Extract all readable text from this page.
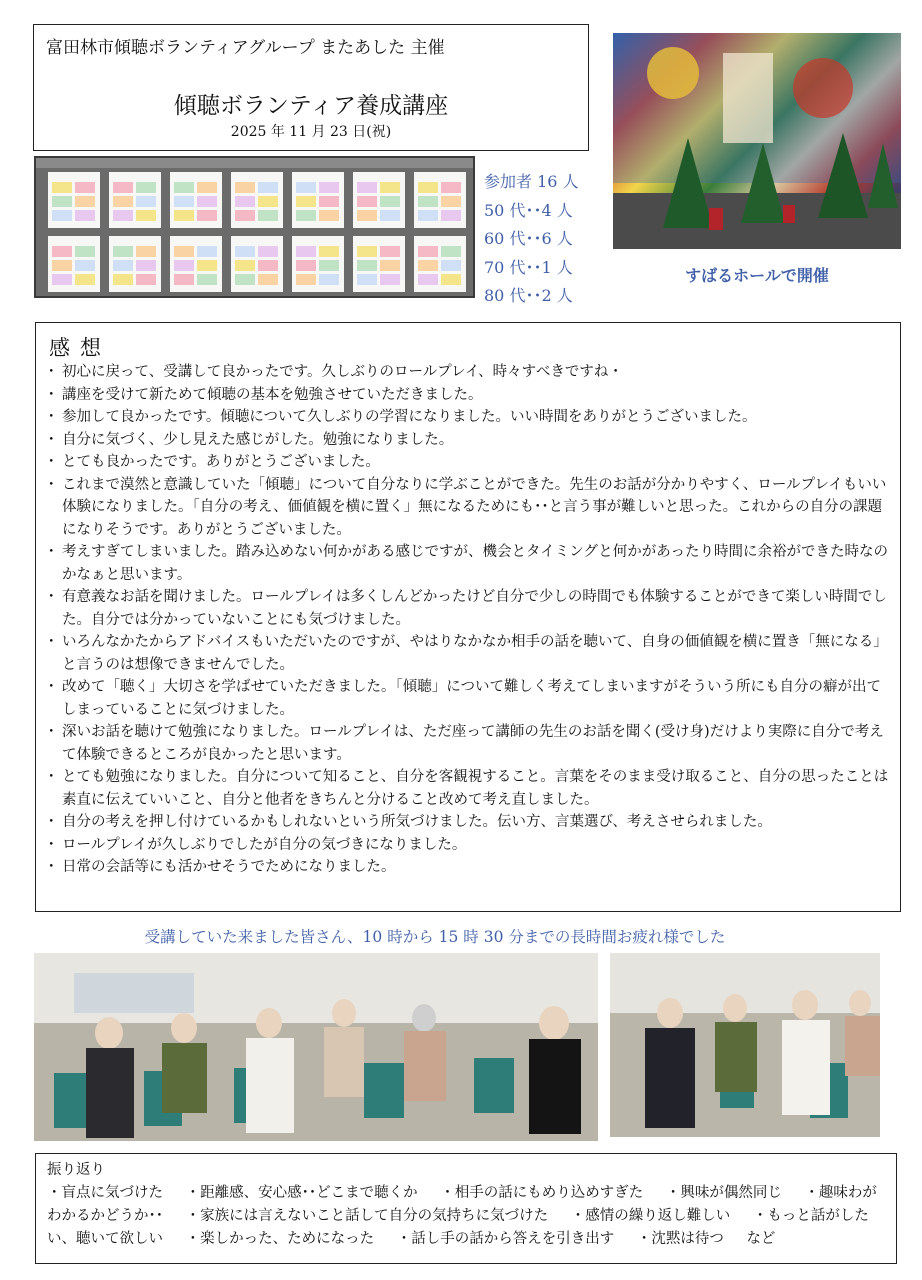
富田林市傾聴ボランティアグループ またあした 主催
傾聴ボランティア養成講座
2025 年 11 月 23 日(祝)
参加者 16 人
50 代･･4 人
60 代･･6 人
70 代･･1 人
80 代･･2 人
すばるホールで開催
感想
・ 初心に戻って、受講して良かったです。久しぶりのロールプレイ、時々すべきですね・
・ 講座を受けて新ためて傾聴の基本を勉強させていただきました。
・ 参加して良かったです。傾聴について久しぶりの学習になりました。いい時間をありがとうございました。
・ 自分に気づく、少し見えた感じがした。勉強になりました。
・ とても良かったです。ありがとうございました。
・ これまで漠然と意識していた「傾聴」について自分なりに学ぶことができた。先生のお話が分かりやすく、ロールプレイもいい体験になりました。「自分の考え、価値観を横に置く」無になるためにも･･と言う事が難しいと思った。これからの自分の課題になりそうです。ありがとうございました。
・ 考えすぎてしまいました。踏み込めない何かがある感じですが、機会とタイミングと何かがあったり時間に余裕ができた時なのかなぁと思います。
・ 有意義なお話を聞けました。ロールプレイは多くしんどかったけど自分で少しの時間でも体験することができて楽しい時間でした。自分では分かっていないことにも気づけました。
・ いろんなかたからアドバイスもいただいたのですが、やはりなかなか相手の話を聴いて、自身の価値観を横に置き「無になる」と言うのは想像できませんでした。
・ 改めて「聴く」大切さを学ばせていただきました。「傾聴」について難しく考えてしまいますがそういう所にも自分の癖が出てしまっていることに気づけました。
・ 深いお話を聴けて勉強になりました。ロールプレイは、ただ座って講師の先生のお話を聞く(受け身)だけより実際に自分で考えて体験できるところが良かったと思います。
・ とても勉強になりました。自分について知ること、自分を客観視すること。言葉をそのまま受け取ること、自分の思ったことは素直に伝えていいこと、自分と他者をきちんと分けること改めて考え直しました。
・ 自分の考えを押し付けているかもしれないという所気づけました。伝い方、言葉選び、考えさせられました。
・ ロールプレイが久しぶりでしたが自分の気づきになりました。
・ 日常の会話等にも活かせそうでためになりました。
受講していた来ました皆さん、10 時から 15 時 30 分までの長時間お疲れ様でした
振り返り
・盲点に気づけた ・距離感、安心感･･どこまで聴くか ・相手の話にもめり込めすぎた ・興味が偶然同じ ・趣味わがわかるかどうか･･ ・家族には言えないこと話して自分の気持ちに気づけた ・感情の繰り返し難しい ・もっと話がしたい、聴いて欲しい ・楽しかった、ためになった ・話し手の話から答えを引き出す ・沈黙は待つ など
